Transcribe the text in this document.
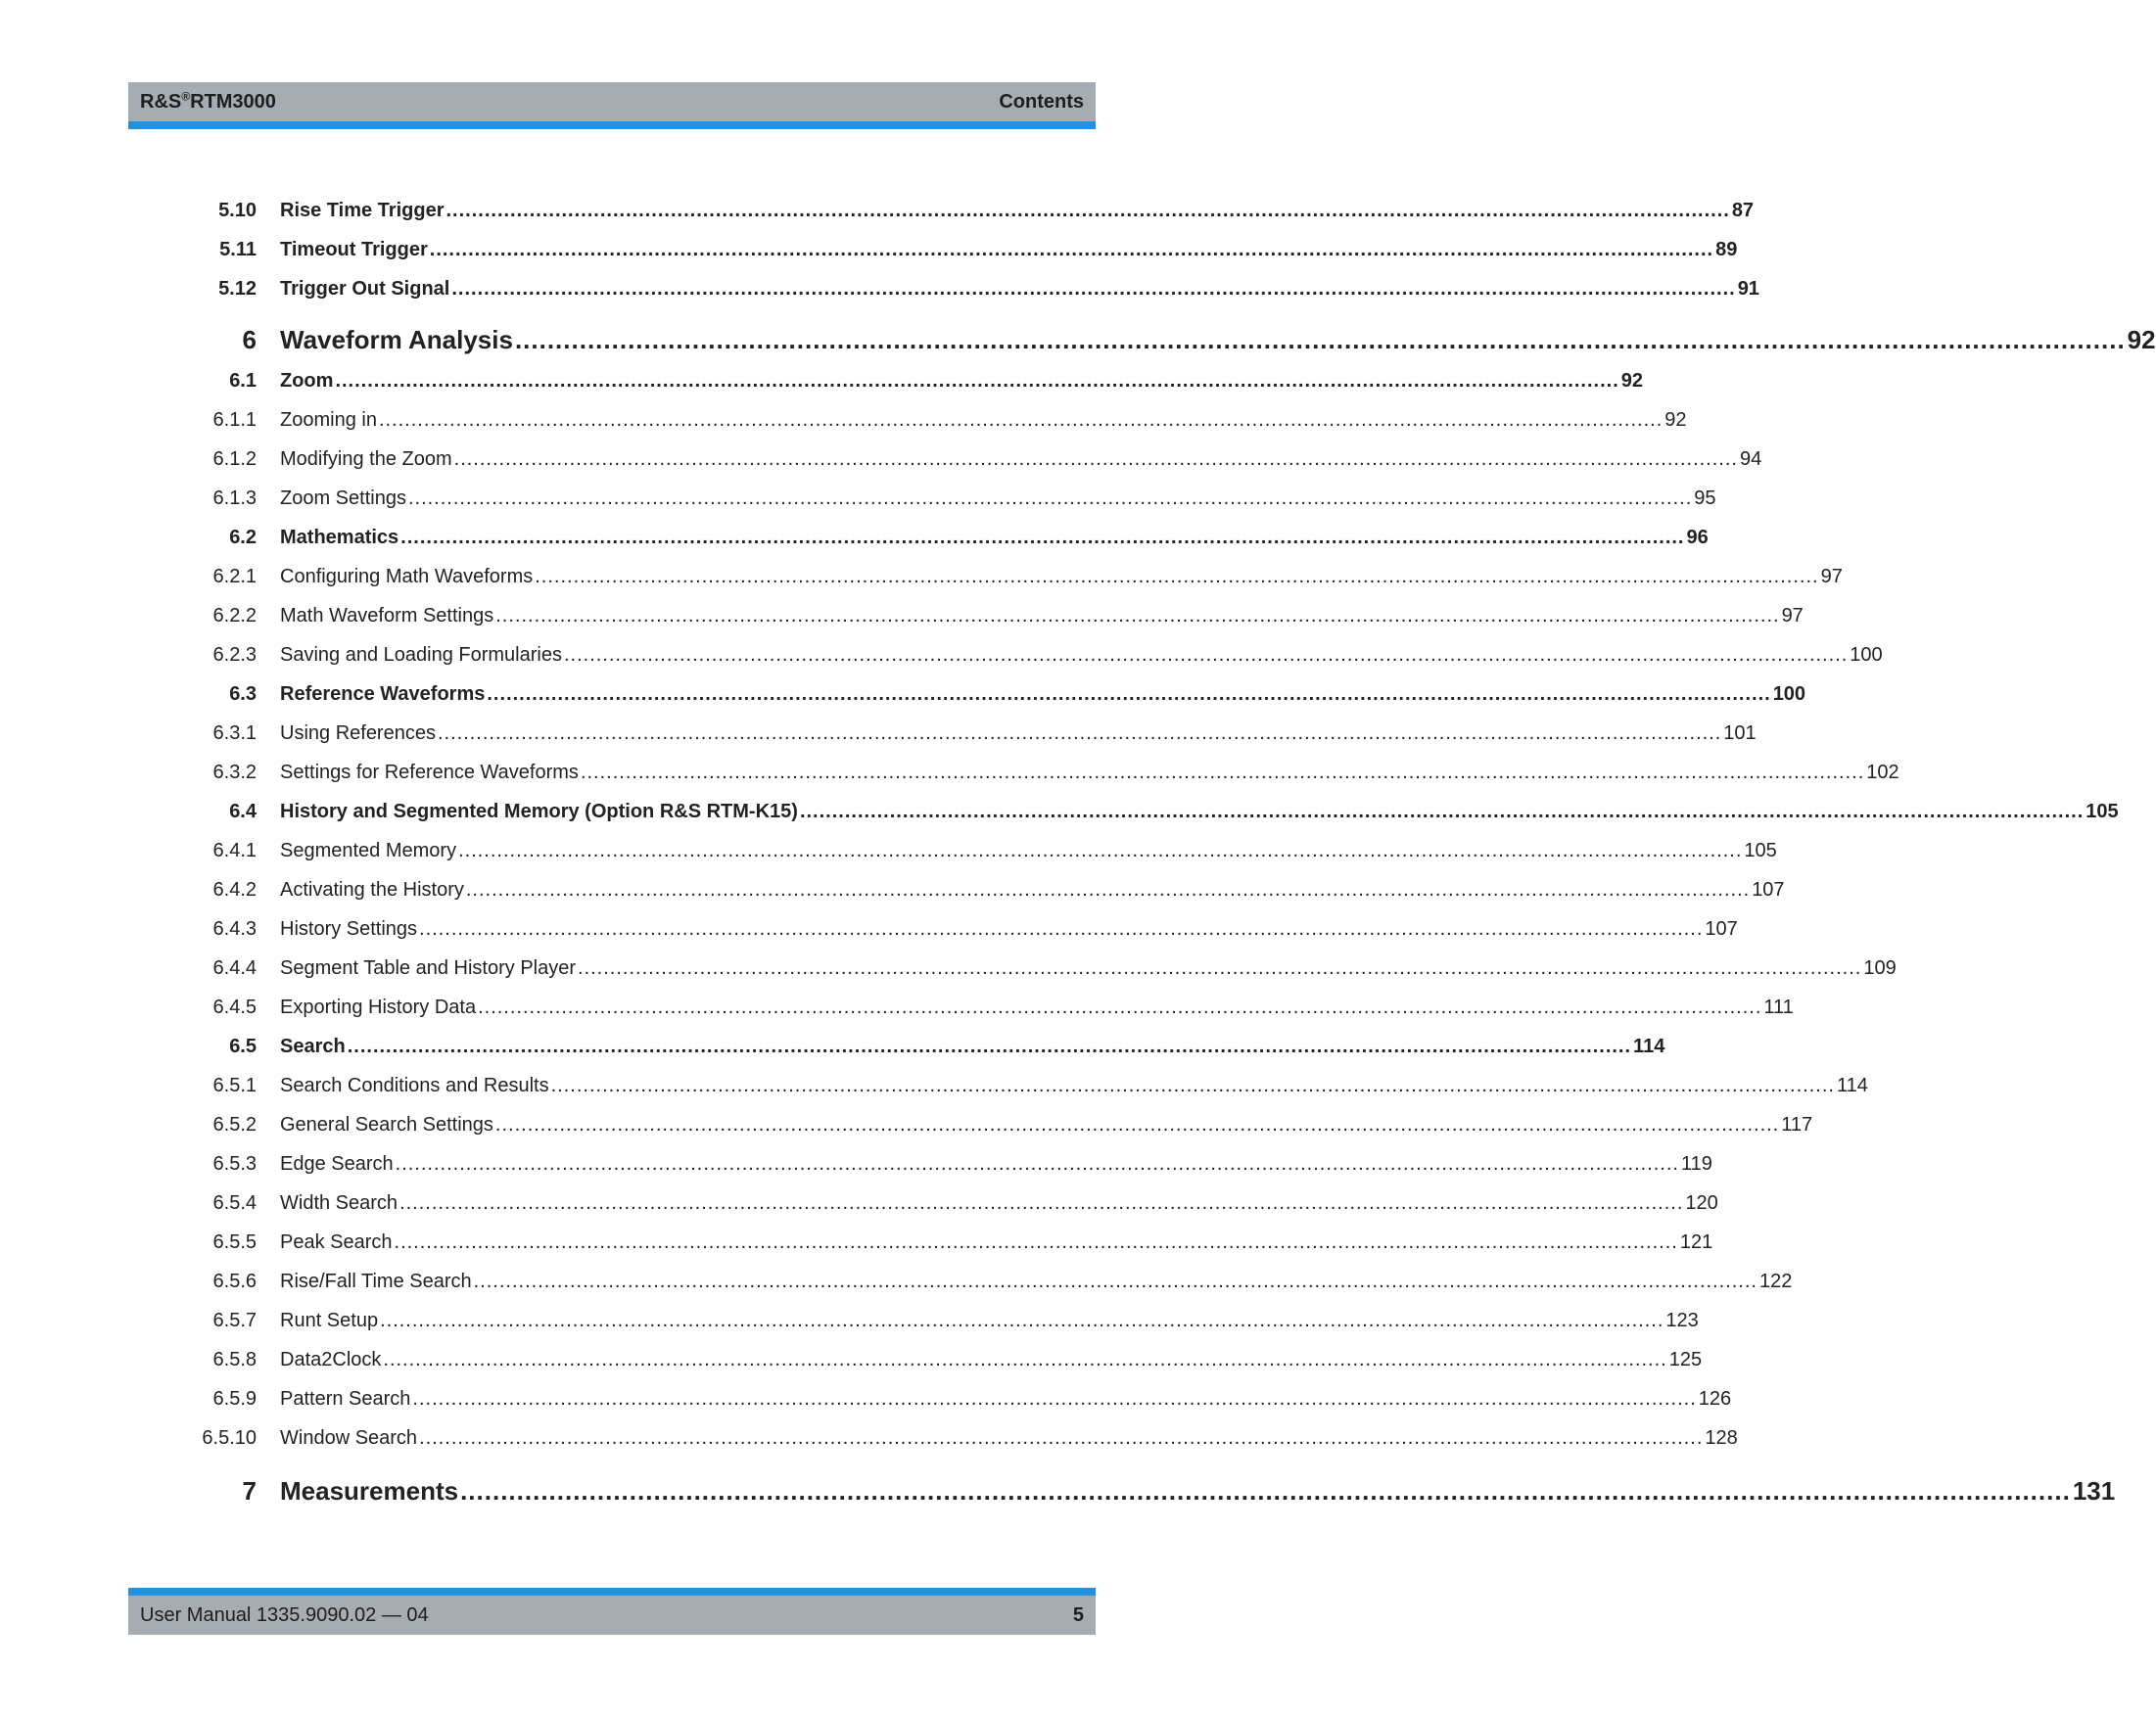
R&S®RTM3000	Contents
5.10	Rise Time Trigger ........................................................................................................................................................................................................ 87
5.11	Timeout Trigger ........................................................................................................................................................................................................ 89
5.12	Trigger Out Signal ........................................................................................................................................................................................................ 91
6 Waveform Analysis ........................................................................................................................................................................................................ 92
6.1	Zoom ........................................................................................................................................................................................................ 92
6.1.1	Zooming in ........................................................................................................................................................................................................ 92
6.1.2	Modifying the Zoom ........................................................................................................................................................................................................ 94
6.1.3	Zoom Settings ........................................................................................................................................................................................................ 95
6.2	Mathematics ........................................................................................................................................................................................................ 96
6.2.1	Configuring Math Waveforms ........................................................................................................................................................................................................ 97
6.2.2	Math Waveform Settings ........................................................................................................................................................................................................ 97
6.2.3	Saving and Loading Formularies ........................................................................................................................................................................................................ 100
6.3	Reference Waveforms ........................................................................................................................................................................................................ 100
6.3.1	Using References ........................................................................................................................................................................................................ 101
6.3.2	Settings for Reference Waveforms ........................................................................................................................................................................................................ 102
6.4	History and Segmented Memory (Option R&S RTM-K15) ........................................................................................................................................................................................................ 105
6.4.1	Segmented Memory ........................................................................................................................................................................................................ 105
6.4.2	Activating the History ........................................................................................................................................................................................................ 107
6.4.3	History Settings ........................................................................................................................................................................................................ 107
6.4.4	Segment Table and History Player ........................................................................................................................................................................................................ 109
6.4.5	Exporting History Data ........................................................................................................................................................................................................ 111
6.5	Search ........................................................................................................................................................................................................ 114
6.5.1	Search Conditions and Results ........................................................................................................................................................................................................ 114
6.5.2	General Search Settings ........................................................................................................................................................................................................ 117
6.5.3	Edge Search ........................................................................................................................................................................................................ 119
6.5.4	Width Search ........................................................................................................................................................................................................ 120
6.5.5	Peak Search ........................................................................................................................................................................................................ 121
6.5.6	Rise/Fall Time Search ........................................................................................................................................................................................................ 122
6.5.7	Runt Setup ........................................................................................................................................................................................................ 123
6.5.8	Data2Clock ........................................................................................................................................................................................................ 125
6.5.9	Pattern Search ........................................................................................................................................................................................................ 126
6.5.10	Window Search ........................................................................................................................................................................................................ 128
7 Measurements ........................................................................................................................................................................................................ 131
User Manual 1335.9090.02 — 04	5
